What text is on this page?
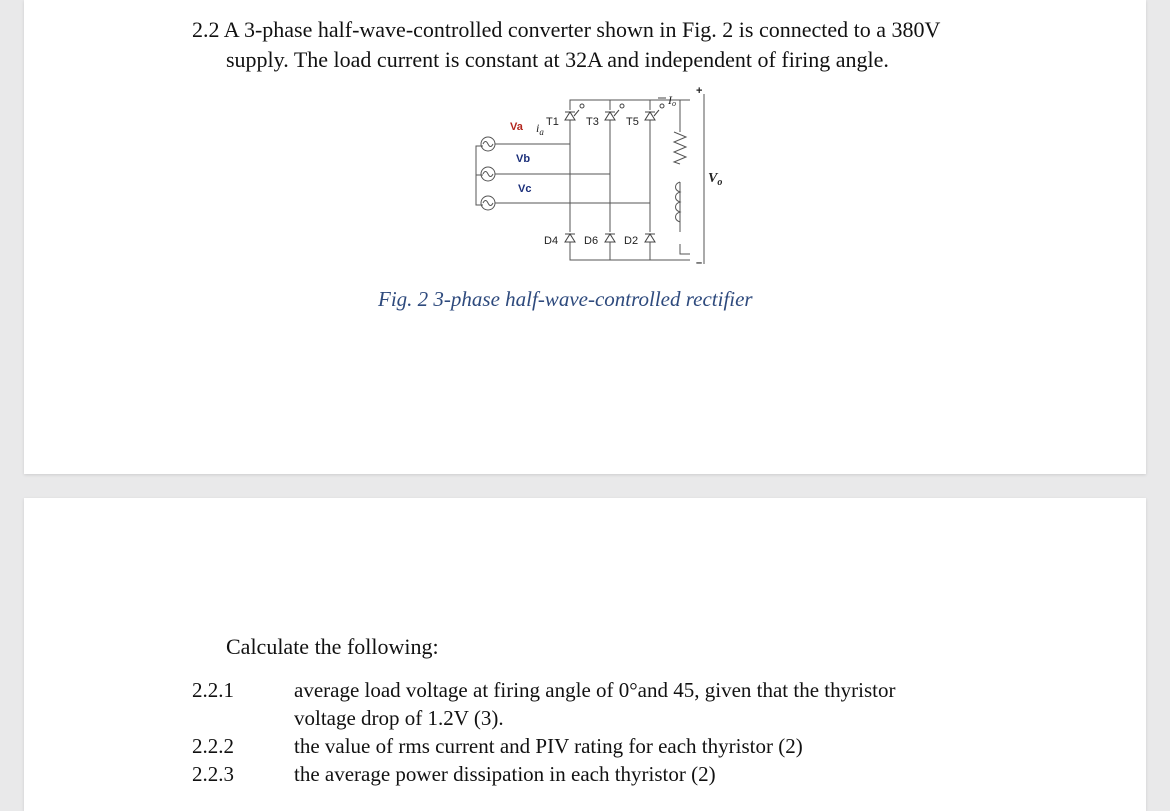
2.2 A 3-phase half-wave-controlled converter shown in Fig. 2 is connected to a 380V
supply. The load current is constant at 32A and independent of firing angle.
Va $i_a$
Vb
Vc
T1 T3 T5
D4 D6 D2
Io
+
–
$V_o$
Fig. 2 3-phase half-wave-controlled rectifier
Calculate the following:
2.2.1	average load voltage at firing angle of 0°and 45, given that the thyristor
voltage drop of 1.2V (3).
2.2.2	the value of rms current and PIV rating for each thyristor (2)
2.2.3	the average power dissipation in each thyristor (2)
